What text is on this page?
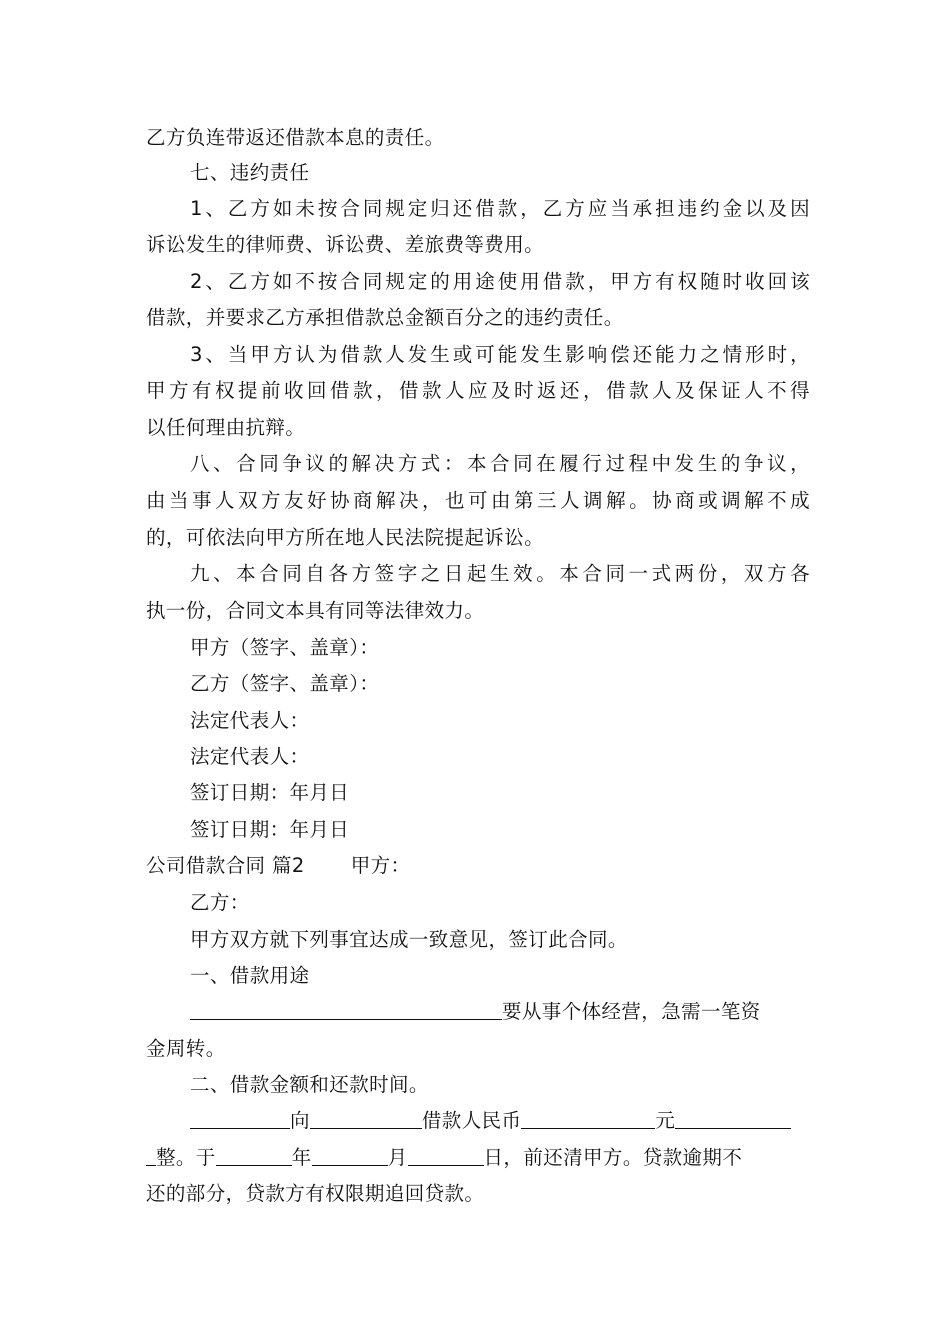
乙方负连带返还借款本息的责任。
七、违约责任
1、乙方如未按合同规定归还借款，乙方应当承担违约金以及因
诉讼发生的律师费、诉讼费、差旅费等费用。
2、乙方如不按合同规定的用途使用借款，甲方有权随时收回该
借款，并要求乙方承担借款总金额百分之的违约责任。
3、当甲方认为借款人发生或可能发生影响偿还能力之情形时，
甲方有权提前收回借款，借款人应及时返还，借款人及保证人不得
以任何理由抗辩。
八、合同争议的解决方式：本合同在履行过程中发生的争议，
由当事人双方友好协商解决，也可由第三人调解。协商或调解不成
的，可依法向甲方所在地人民法院提起诉讼。
九、本合同自各方签字之日起生效。本合同一式两份，双方各
执一份，合同文本具有同等法律效力。
甲方（签字、盖章）：
乙方（签字、盖章）：
法定代表人：
法定代表人：
签订日期：年月日
签订日期：年月日
公司借款合同 篇2 甲方：
乙方：
甲方双方就下列事宜达成一致意见，签订此合同。
一、借款用途
要从事个体经营，急需一笔资
金周转。
二、借款金额和还款时间。
向	借款人民币	元
整。于	年	月	日，前还清甲方。贷款逾期不
还的部分，贷款方有权限期追回贷款。
